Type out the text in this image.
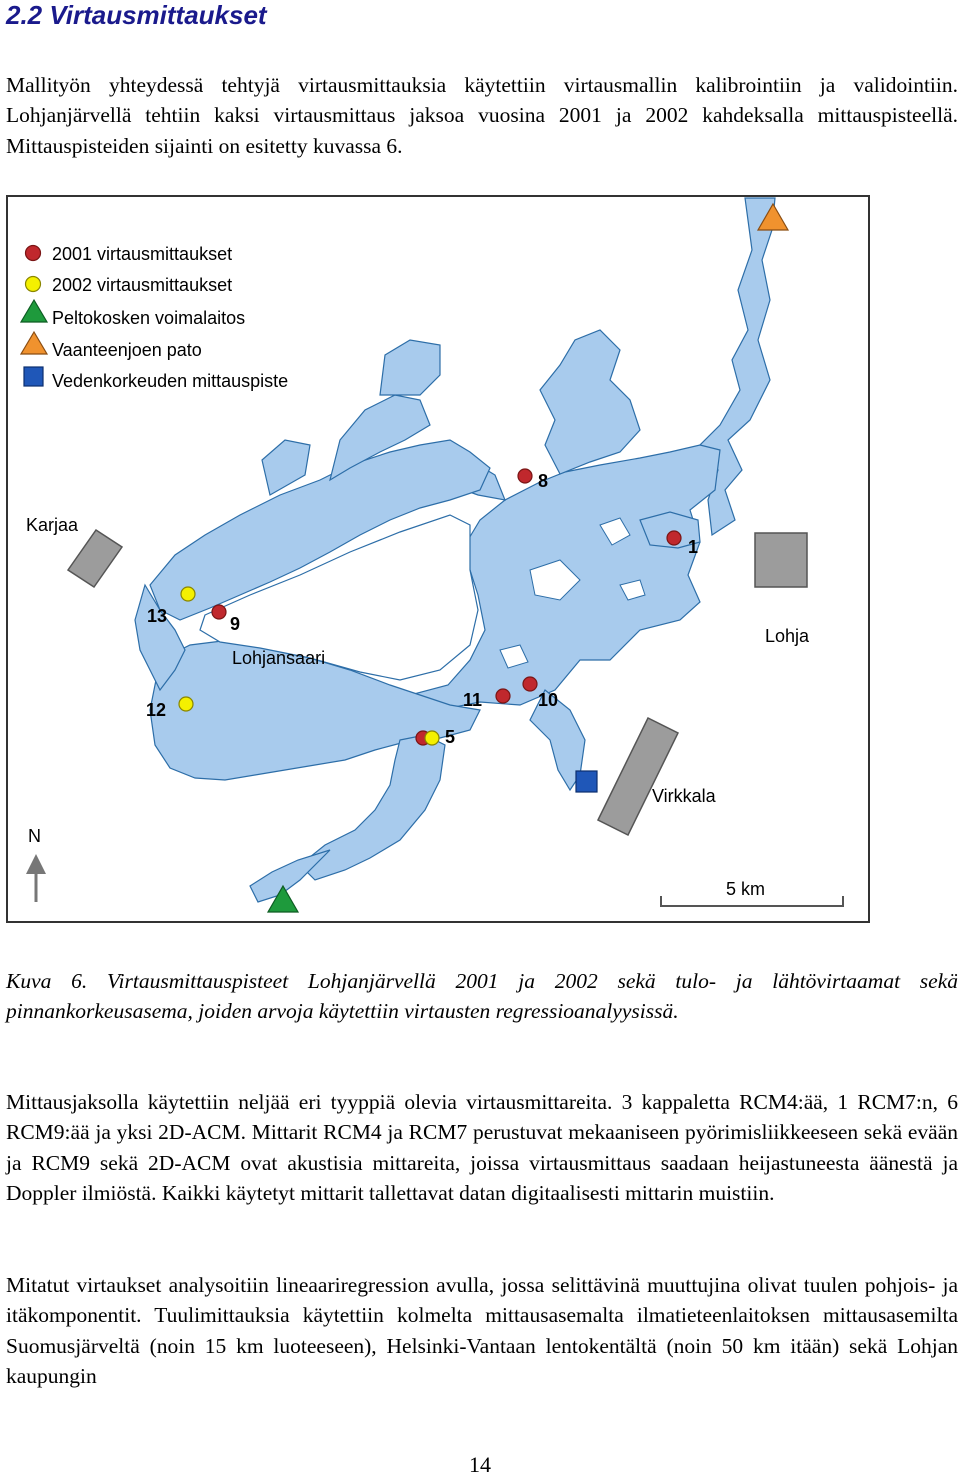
2.2 Virtausmittaukset

Mallityön yhteydessä tehtyjä virtausmittauksia käytettiin virtausmallin kalibrointiin ja validointiin. Lohjanjärvellä tehtiin kaksi virtausmittaus jaksoa vuosina 2001 ja 2002 kahdeksalla mittauspisteellä. Mittauspisteiden sijainti on esitetty kuvassa 6.

2001 virtausmittaukset
2002 virtausmittaukset
Peltokosken voimalaitos
Vaanteenjoen pato
Vedenkorkeuden mittauspiste
8
1
13	9
12	11	10
5
Karjaa
Lohja
Lohjansaari
Virkkala
N
5 km

Kuva 6. Virtausmittauspisteet Lohjanjärvellä 2001 ja 2002 sekä tulo- ja lähtövirtaamat sekä pinnankorkeusasema, joiden arvoja käytettiin virtausten regressioanalyysissä.

Mittausjaksolla käytettiin neljää eri tyyppiä olevia virtausmittareita. 3 kappaletta RCM4:ää, 1 RCM7:n, 6 RCM9:ää ja yksi 2D-ACM. Mittarit RCM4 ja RCM7 perustuvat mekaaniseen pyörimisliikkeeseen sekä evään ja RCM9 sekä 2D-ACM ovat akustisia mittareita, joissa virtausmittaus saadaan heijastuneesta äänestä ja Doppler ilmiöstä. Kaikki käytetyt mittarit tallettavat datan digitaalisesti mittarin muistiin.

Mitatut virtaukset analysoitiin lineaariregression avulla, jossa selittävinä muuttujina olivat tuulen pohjois- ja itäkomponentit. Tuulimittauksia käytettiin kolmelta mittausasemalta ilmatieteenlaitoksen mittausasemilta Suomusjärveltä (noin 15 km luoteeseen), Helsinki-Vantaan lentokentältä (noin 50 km itään) sekä Lohjan kaupungin

14
